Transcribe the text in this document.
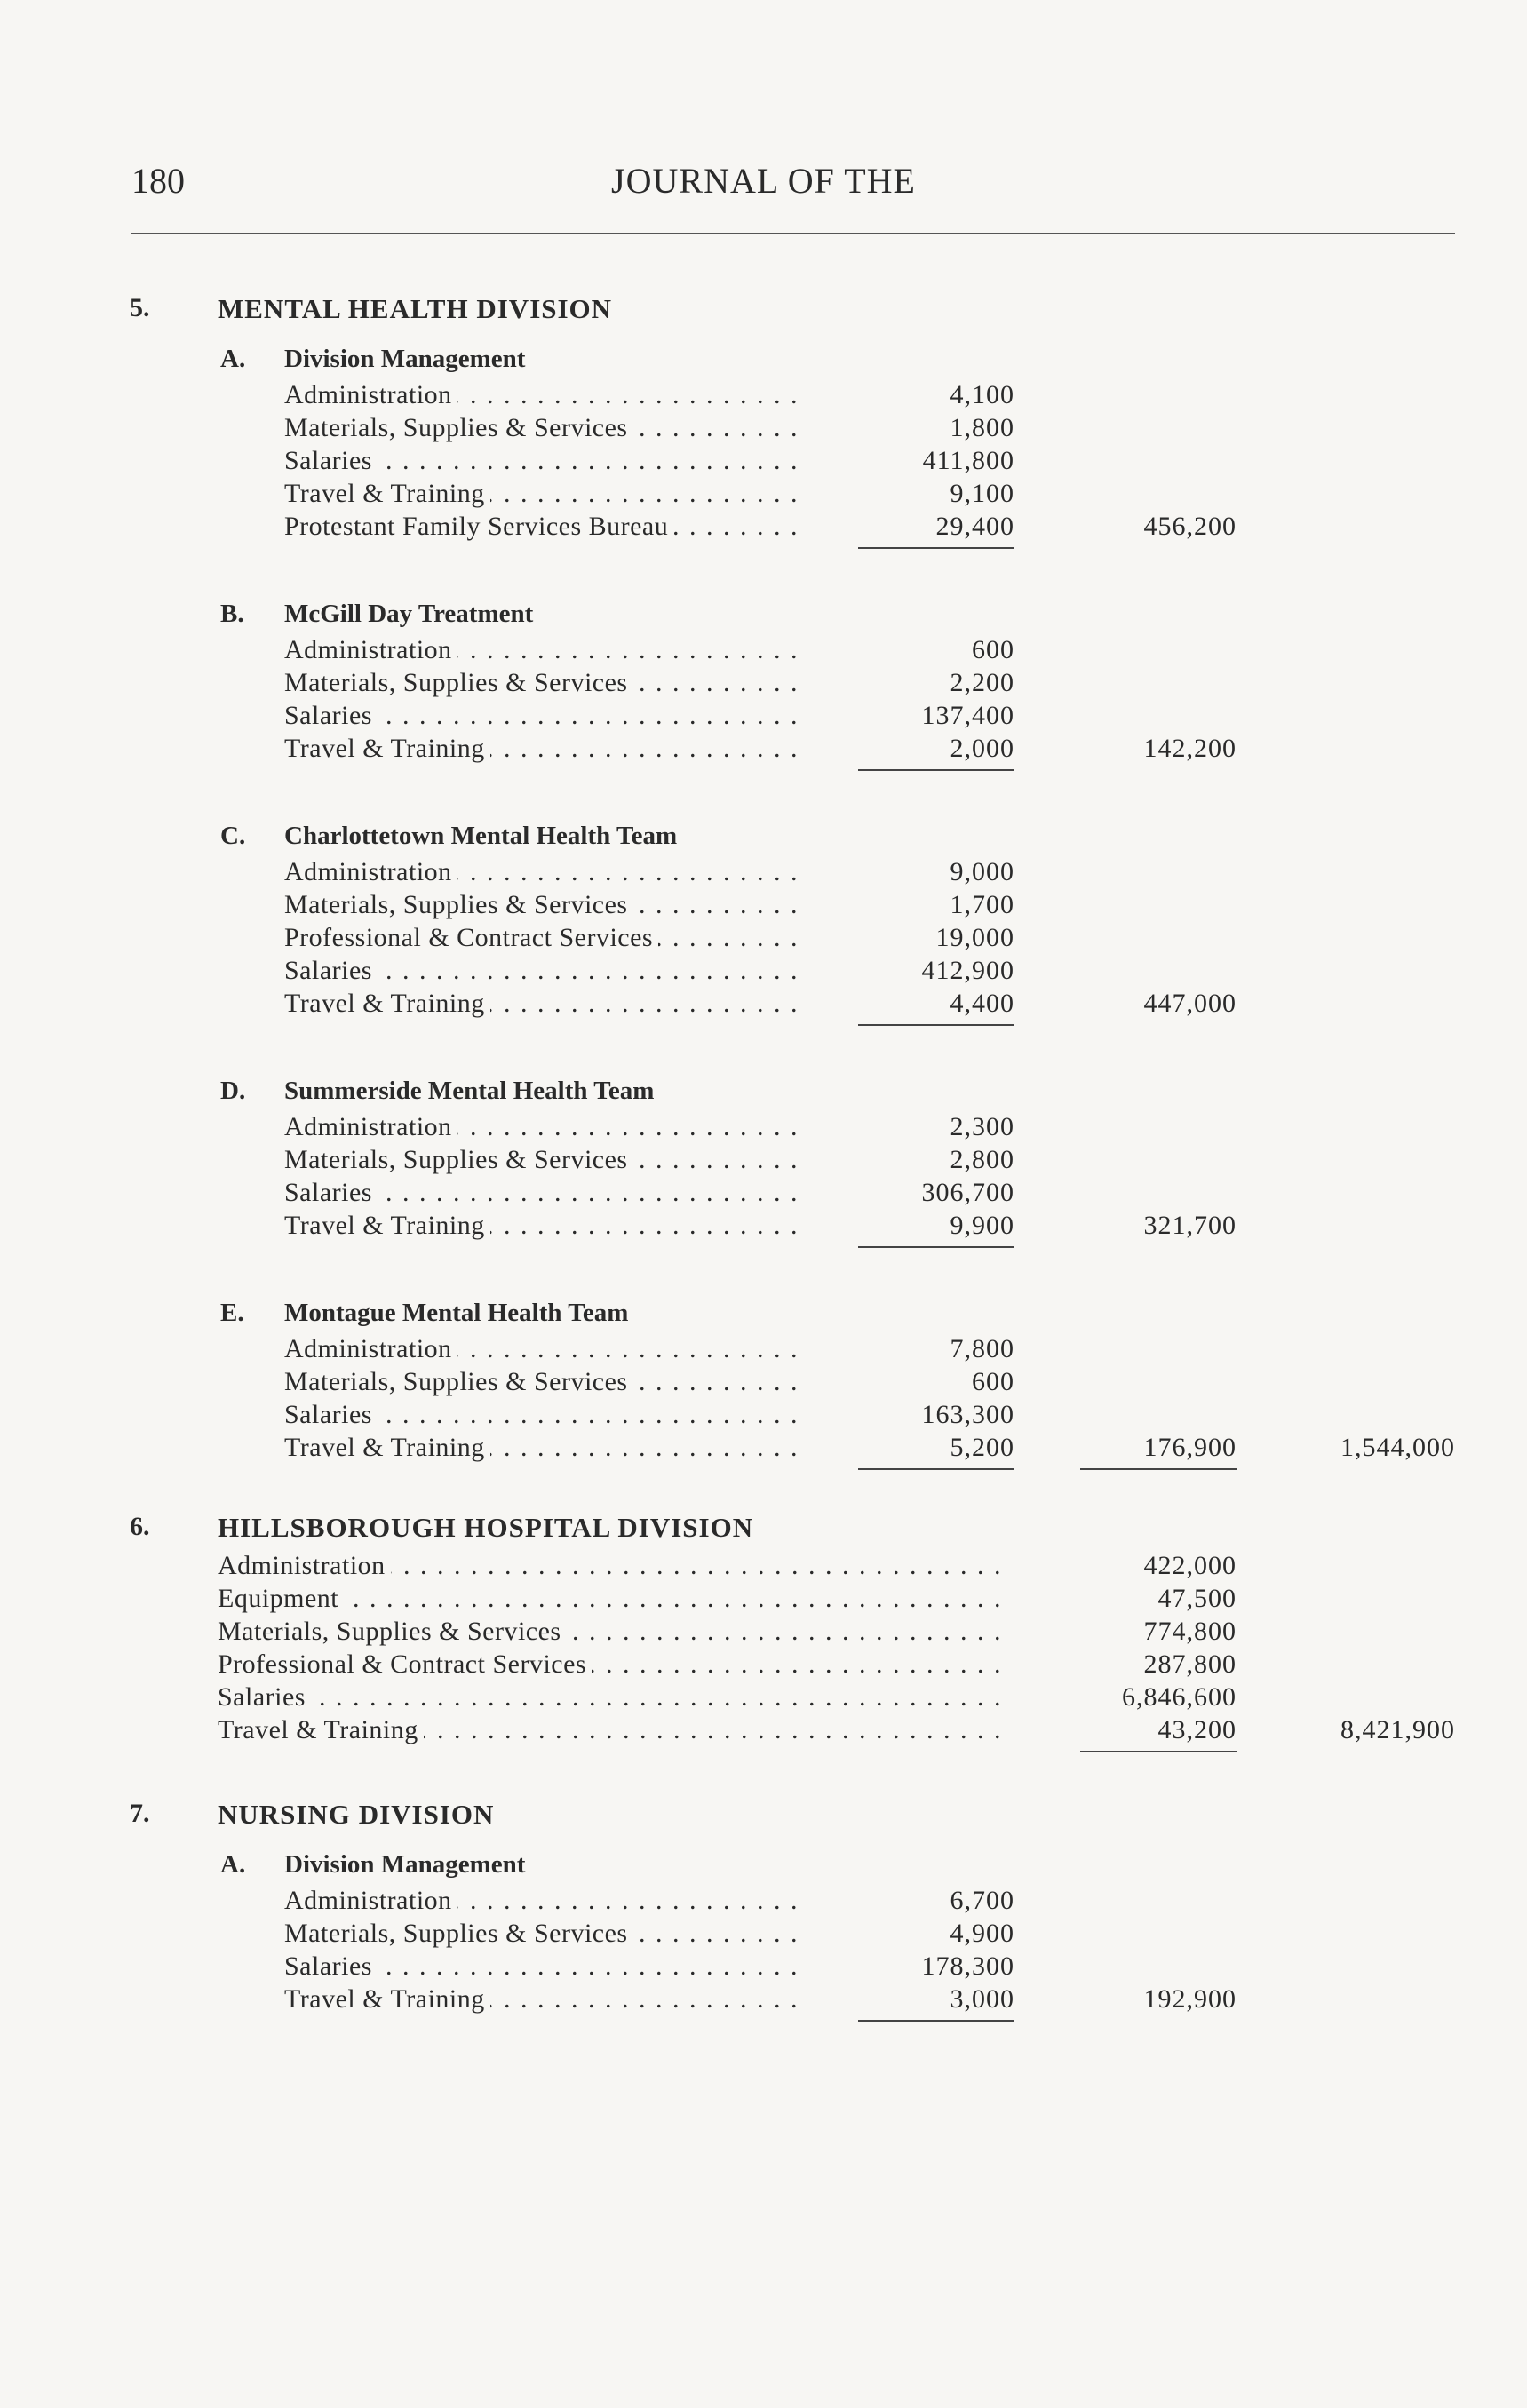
180	JOURNAL OF THE
5. MENTAL HEALTH DIVISION
A. Division Management
Administration . . .	4,100
Materials, Supplies & Services . . .	1,800
Salaries . . .	411,800
Travel & Training . . .	9,100
Protestant Family Services Bureau . . .	29,400	456,200
B. McGill Day Treatment
Administration . . .	600
Materials, Supplies & Services . . .	2,200
Salaries . . .	137,400
Travel & Training . . .	2,000	142,200
C. Charlottetown Mental Health Team
Administration . . .	9,000
Materials, Supplies & Services . . .	1,700
Professional & Contract Services . . .	19,000
Salaries . . .	412,900
Travel & Training . . .	4,400	447,000
D. Summerside Mental Health Team
Administration . . .	2,300
Materials, Supplies & Services . . .	2,800
Salaries . . .	306,700
Travel & Training . . .	9,900	321,700
E. Montague Mental Health Team
Administration . . .	7,800
Materials, Supplies & Services . . .	600
Salaries . . .	163,300
Travel & Training . . .	5,200	176,900	1,544,000
6. HILLSBOROUGH HOSPITAL DIVISION
Administration . . .	422,000
Equipment . . .	47,500
Materials, Supplies & Services . . .	774,800
Professional & Contract Services . . .	287,800
Salaries . . .	6,846,600
Travel & Training . . .	43,200	8,421,900
7. NURSING DIVISION
A. Division Management
Administration . . .	6,700
Materials, Supplies & Services . . .	4,900
Salaries . . .	178,300
Travel & Training . . .	3,000	192,900
